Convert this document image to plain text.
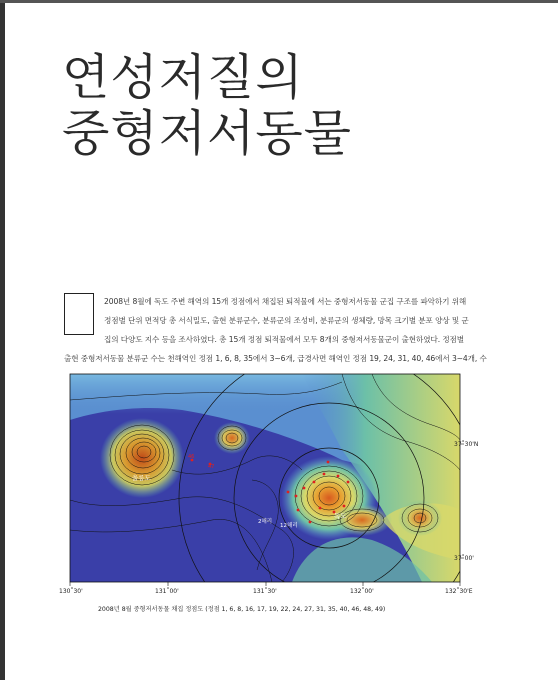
연성저질의
중형저서동물
2008년 8월에 독도 주변 해역의 15개 정점에서 채집된 퇴적물에 서는 중형저서동물 군집 구조를 파악하기 위해
정점별 단위 면적당 총 서식밀도, 출현 분류군수, 분류군의 조성비, 분류군의 생체량, 망목 크기별 분포 양상 및 군
집의 다양도 지수 등을 조사하였다. 총 15개 정점 퇴적물에서 모두 8개의 중형저서동물군이 출현하였다. 정점별
출현 중형저서동물 분류군 수는 천해역인 정점 1, 6, 8, 35에서 3~6개, 급경사면 해역인 정점 19, 24, 31, 40, 46에서 3~4개, 수
130˚30'	131˚00'	131˚30'	132˚00'	132˚30'E
37˚30'N
37˚00'
울릉도
독도
2해리
12해리
46
47
2008년 8월 중형저서동물 채집 정점도 (정점 1, 6, 8, 16, 17, 19, 22, 24, 27, 31, 35, 40, 46, 48, 49)
